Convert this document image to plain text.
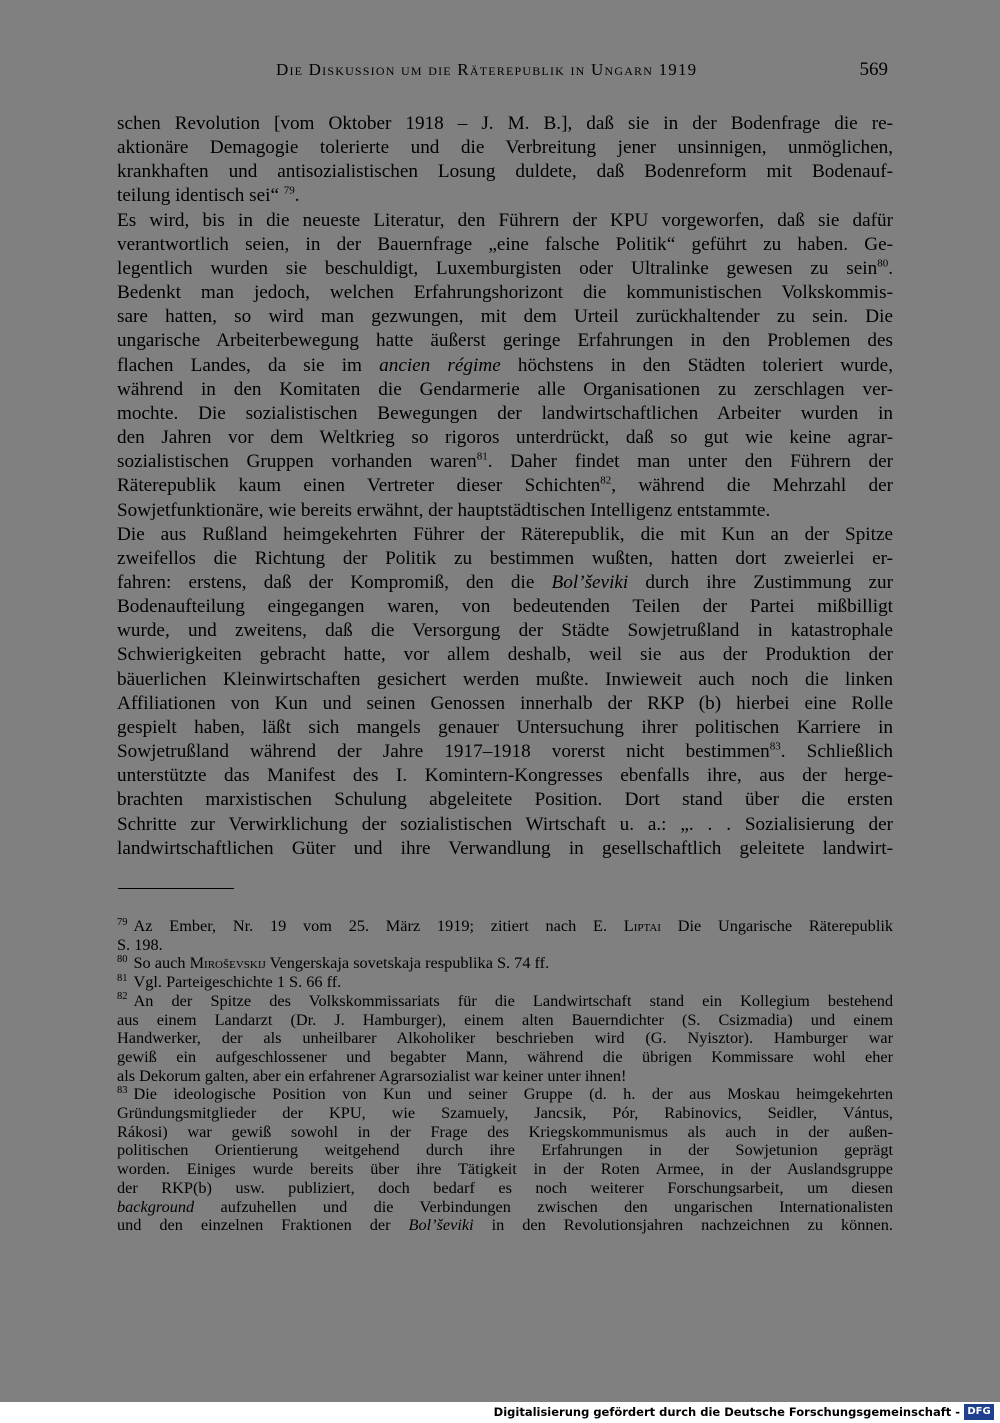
Die Diskussion um die Räterepublik in Ungarn 1919	569
schen Revolution [vom Oktober 1918 – J. M. B.], daß sie in der Bodenfrage die re-
aktionäre Demagogie tolerierte und die Verbreitung jener unsinnigen, unmöglichen,
krankhaften und antisozialistischen Losung duldete, daß Bodenreform mit Bodenauf-
teilung identisch sei“ $^{79}$.
Es wird, bis in die neueste Literatur, den Führern der KPU vorgeworfen, daß sie dafür
verantwortlich seien, in der Bauernfrage „eine falsche Politik“ geführt zu haben. Ge-
legentlich wurden sie beschuldigt, Luxemburgisten oder Ultralinke gewesen zu sein$^{80}$.
Bedenkt man jedoch, welchen Erfahrungshorizont die kommunistischen Volkskommis-
sare hatten, so wird man gezwungen, mit dem Urteil zurückhaltender zu sein. Die
ungarische Arbeiterbewegung hatte äußerst geringe Erfahrungen in den Problemen des
flachen Landes, da sie im ancien régime höchstens in den Städten toleriert wurde,
während in den Komitaten die Gendarmerie alle Organisationen zu zerschlagen ver-
mochte. Die sozialistischen Bewegungen der landwirtschaftlichen Arbeiter wurden in
den Jahren vor dem Weltkrieg so rigoros unterdrückt, daß so gut wie keine agrar-
sozialistischen Gruppen vorhanden waren$^{81}$. Daher findet man unter den Führern der
Räterepublik kaum einen Vertreter dieser Schichten$^{82}$, während die Mehrzahl der
Sowjetfunktionäre, wie bereits erwähnt, der hauptstädtischen Intelligenz entstammte.
Die aus Rußland heimgekehrten Führer der Räterepublik, die mit Kun an der Spitze
zweifellos die Richtung der Politik zu bestimmen wußten, hatten dort zweierlei er-
fahren: erstens, daß der Kompromiß, den die Bol’ševiki durch ihre Zustimmung zur
Bodenaufteilung eingegangen waren, von bedeutenden Teilen der Partei mißbilligt
wurde, und zweitens, daß die Versorgung der Städte Sowjetrußland in katastrophale
Schwierigkeiten gebracht hatte, vor allem deshalb, weil sie aus der Produktion der
bäuerlichen Kleinwirtschaften gesichert werden mußte. Inwieweit auch noch die linken
Affiliationen von Kun und seinen Genossen innerhalb der RKP (b) hierbei eine Rolle
gespielt haben, läßt sich mangels genauer Untersuchung ihrer politischen Karriere in
Sowjetrußland während der Jahre 1917–1918 vorerst nicht bestimmen$^{83}$. Schließlich
unterstützte das Manifest des I. Komintern-Kongresses ebenfalls ihre, aus der herge-
brachten marxistischen Schulung abgeleitete Position. Dort stand über die ersten
Schritte zur Verwirklichung der sozialistischen Wirtschaft u. a.: „. . . Sozialisierung der
landwirtschaftlichen Güter und ihre Verwandlung in gesellschaftlich geleitete landwirt-
$^{79}$ Az Ember, Nr. 19 vom 25. März 1919; zitiert nach E. Liptai Die Ungarische Räterepublik
S. 198.
$^{80}$ So auch Miroševskij Vengerskaja sovetskaja respublika S. 74 ff.
$^{81}$ Vgl. Parteigeschichte 1 S. 66 ff.
$^{82}$ An der Spitze des Volkskommissariats für die Landwirtschaft stand ein Kollegium bestehend
aus einem Landarzt (Dr. J. Hamburger), einem alten Bauerndichter (S. Csizmadia) und einem
Handwerker, der als unheilbarer Alkoholiker beschrieben wird (G. Nyisztor). Hamburger war
gewiß ein aufgeschlossener und begabter Mann, während die übrigen Kommissare wohl eher
als Dekorum galten, aber ein erfahrener Agrarsozialist war keiner unter ihnen!
$^{83}$ Die ideologische Position von Kun und seiner Gruppe (d. h. der aus Moskau heimgekehrten
Gründungsmitglieder der KPU, wie Szamuely, Jancsik, Pór, Rabinovics, Seidler, Vántus,
Rákosi) war gewiß sowohl in der Frage des Kriegskommunismus als auch in der außen-
politischen Orientierung weitgehend durch ihre Erfahrungen in der Sowjetunion geprägt
worden. Einiges wurde bereits über ihre Tätigkeit in der Roten Armee, in der Auslandsgruppe
der RKP(b) usw. publiziert, doch bedarf es noch weiterer Forschungsarbeit, um diesen
background aufzuhellen und die Verbindungen zwischen den ungarischen Internationalisten
und den einzelnen Fraktionen der Bol’ševiki in den Revolutionsjahren nachzeichnen zu können.
Digitalisierung gefördert durch die Deutsche Forschungsgemeinschaft - DFG
